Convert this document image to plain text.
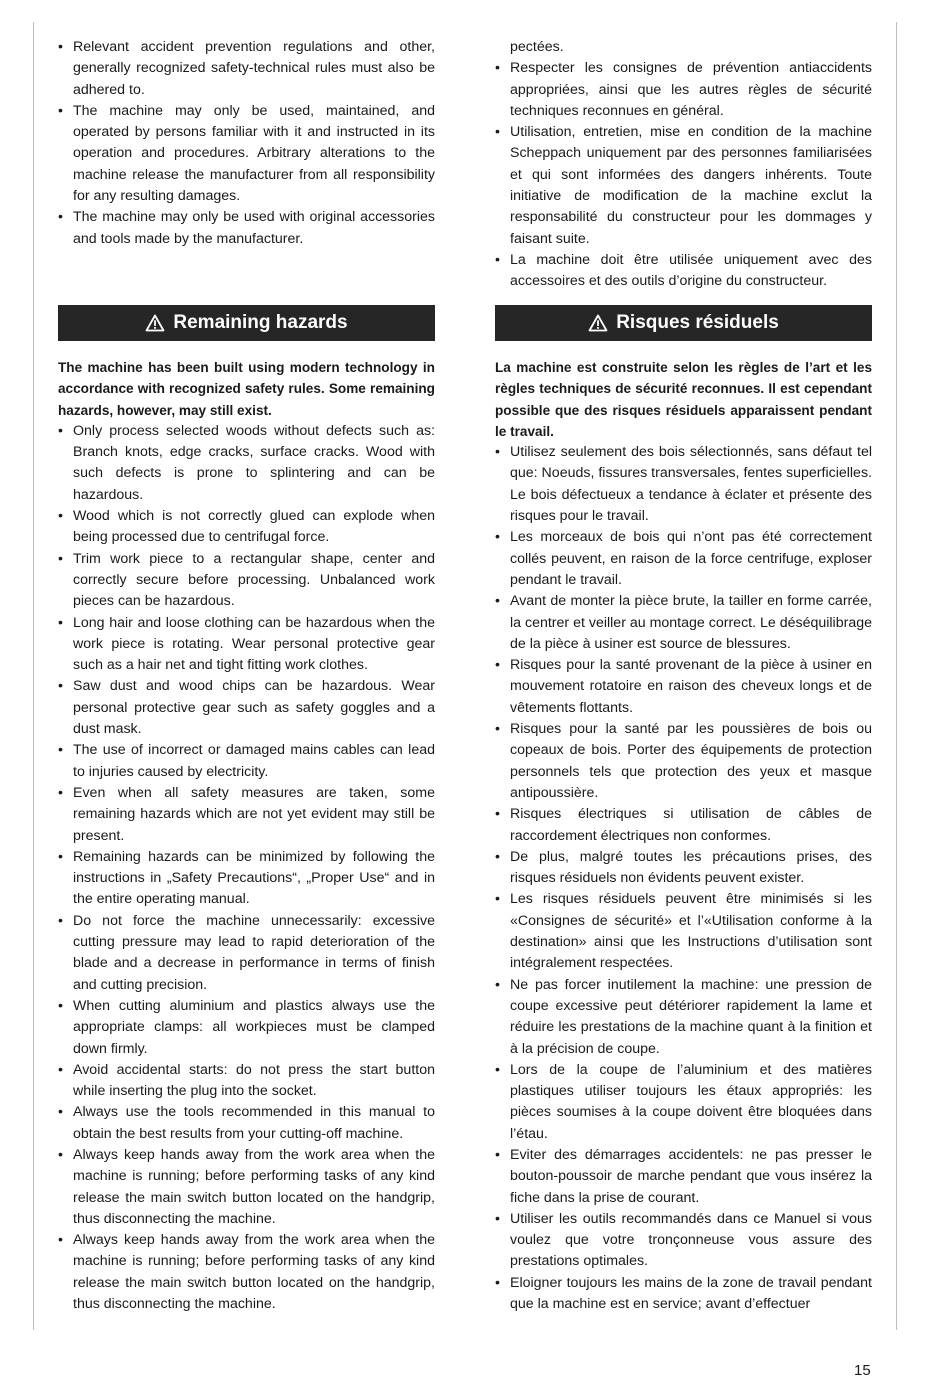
• Relevant accident prevention regulations and other, generally recognized safety-technical rules must also be adhered to.
• The machine may only be used, maintained, and operated by persons familiar with it and instructed in its operation and procedures. Arbitrary alterations to the machine release the manufacturer from all responsibility for any resulting damages.
• The machine may only be used with original accessories and tools made by the manufacturer.

pectées.

• Respecter les consignes de prévention antiaccidents appropriées, ainsi que les autres règles de sécurité techniques reconnues en général.
• Utilisation, entretien, mise en condition de la machine Scheppach uniquement par des personnes familiarisées et qui sont informées des dangers inhérents. Toute initiative de modification de la machine exclut la responsabilité du constructeur pour les dommages y faisant suite.
• La machine doit être utilisée uniquement avec des accessoires et des outils d’origine du constructeur.
Remaining hazards	Risques résiduels

The machine has been built using modern technology in accordance with recognized safety rules. Some remaining hazards, however, may still exist.

• Only process selected woods without defects such as: Branch knots, edge cracks, surface cracks. Wood with such defects is prone to splintering and can be hazardous.
• Wood which is not correctly glued can explode when being processed due to centrifugal force.
• Trim work piece to a rectangular shape, center and correctly secure before processing. Unbalanced work pieces can be hazardous.
• Long hair and loose clothing can be hazardous when the work piece is rotating. Wear personal protective gear such as a hair net and tight fitting work clothes.
• Saw dust and wood chips can be hazardous. Wear personal protective gear such as safety goggles and a dust mask.
• The use of incorrect or damaged mains cables can lead to injuries caused by electricity.
• Even when all safety measures are taken, some remaining hazards which are not yet evident may still be present.
• Remaining hazards can be minimized by following the instructions in „Safety Precautions“, „Proper Use“ and in the entire operating manual.
• Do not force the machine unnecessarily: excessive cutting pressure may lead to rapid deterioration of the blade and a decrease in performance in terms of finish and cutting precision.
• When cutting aluminium and plastics always use the appropriate clamps: all workpieces must be clamped down firmly.
• Avoid accidental starts: do not press the start button while inserting the plug into the socket.
• Always use the tools recommended in this manual to obtain the best results from your cutting-off machine.
• Always keep hands away from the work area when the machine is running; before performing tasks of any kind release the main switch button located on the handgrip, thus disconnecting the machine.
• Always keep hands away from the work area when the machine is running; before performing tasks of any kind release the main switch button located on the handgrip, thus disconnecting the machine.

La machine est construite selon les règles de l’art et les règles techniques de sécurité reconnues. Il est cependant possible que des risques résiduels apparaissent pendant le travail.

• Utilisez seulement des bois sélectionnés, sans défaut tel que: Noeuds, fissures transversales, fentes superficielles. Le bois défectueux a tendance à éclater et présente des risques pour le travail.
• Les morceaux de bois qui n’ont pas été correctement collés peuvent, en raison de la force centrifuge, exploser pendant le travail.
• Avant de monter la pièce brute, la tailler en forme carrée, la centrer et veiller au montage correct. Le déséquilibrage de la pièce à usiner est source de blessures.
• Risques pour la santé provenant de la pièce à usiner en mouvement rotatoire en raison des cheveux longs et de vêtements flottants.
• Risques pour la santé par les poussières de bois ou copeaux de bois. Porter des équipements de protection personnels tels que protection des yeux et masque antipoussière.
• Risques électriques si utilisation de câbles de raccordement électriques non conformes.
• De plus, malgré toutes les précautions prises, des risques résiduels non évidents peuvent exister.
• Les risques résiduels peuvent être minimisés si les «Consignes de sécurité» et l’«Utilisation conforme à la destination» ainsi que les Instructions d’utilisation sont intégralement respectées.
• Ne pas forcer inutilement la machine: une pression de coupe excessive peut détériorer rapidement la lame et réduire les prestations de la machine quant à la finition et à la précision de coupe.
• Lors de la coupe de l’aluminium et des matières plastiques utiliser toujours les étaux appropriés: les pièces soumises à la coupe doivent être bloquées dans l’étau.
• Eviter des démarrages accidentels: ne pas presser le bouton-poussoir de marche pendant que vous insérez la fiche dans la prise de courant.
• Utiliser les outils recommandés dans ce Manuel si vous voulez que votre tronçonneuse vous assure des prestations optimales.
• Eloigner toujours les mains de la zone de travail pendant que la machine est en service; avant d’effectuer
15
